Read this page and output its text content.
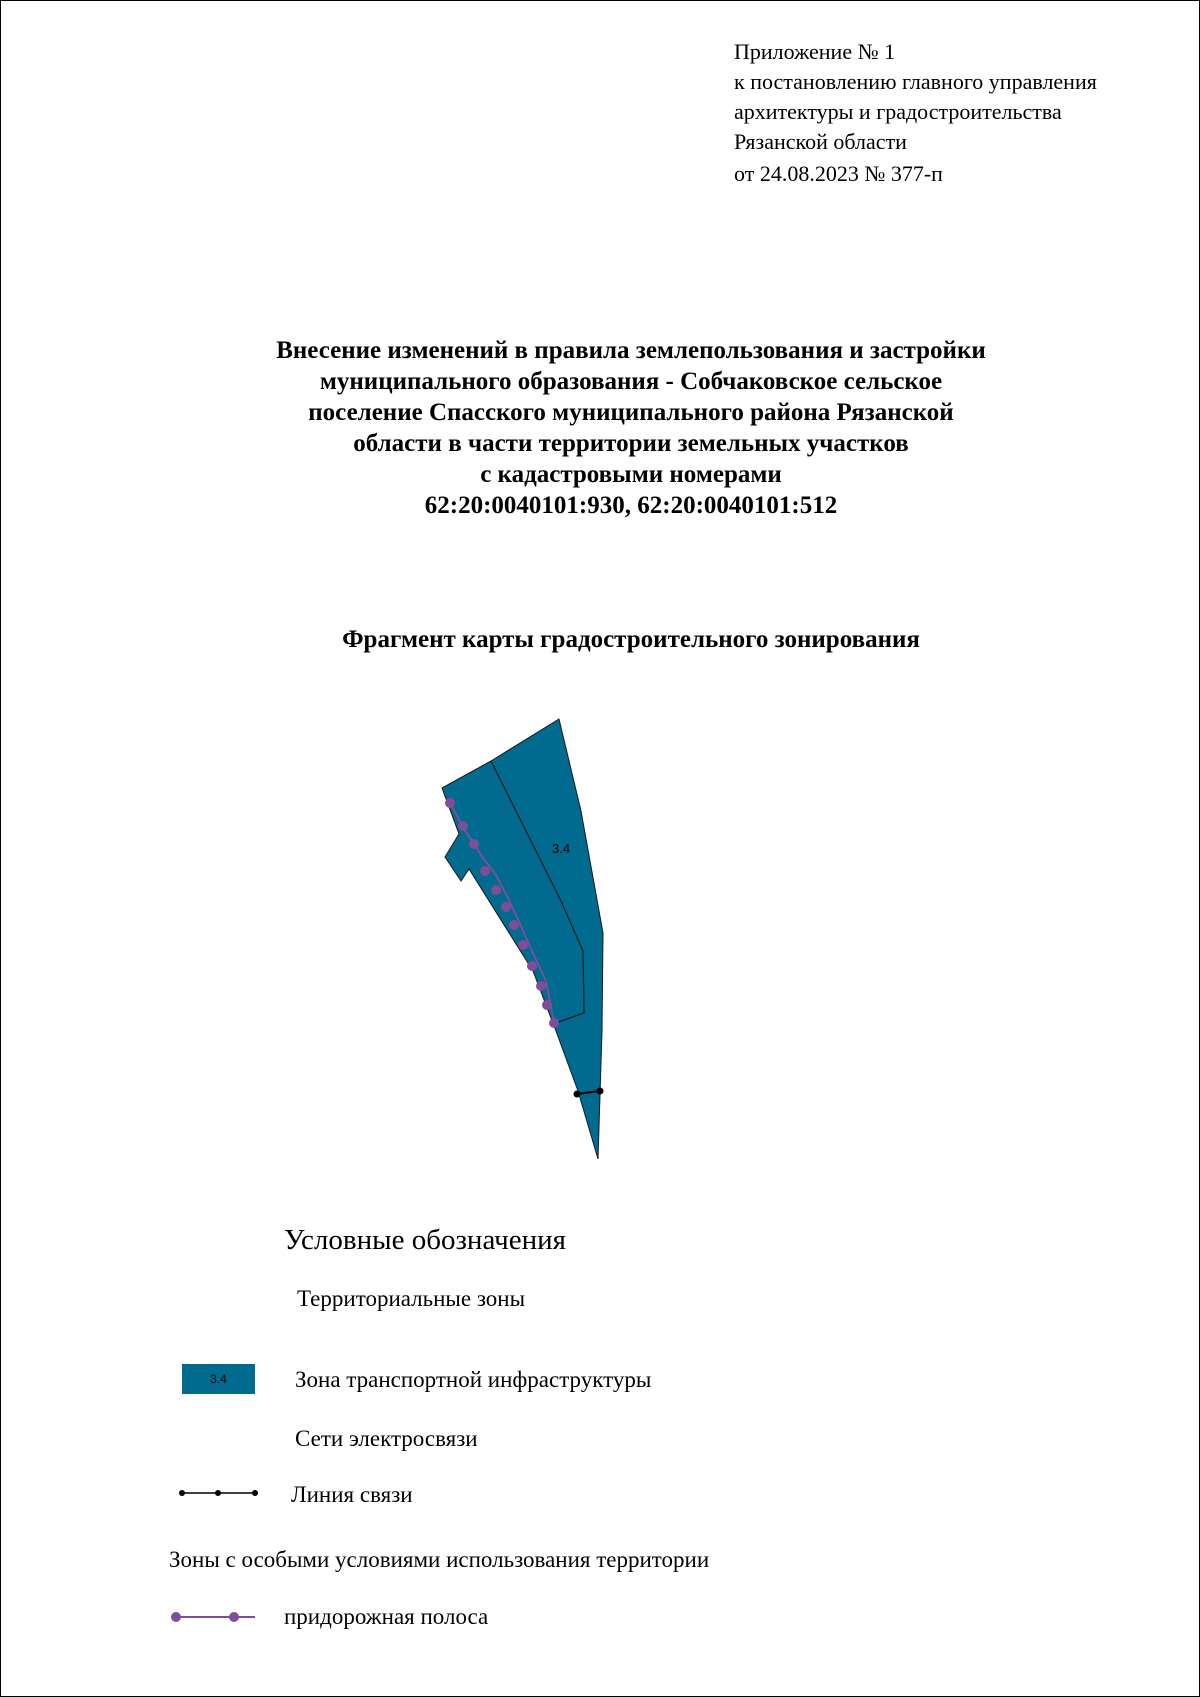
Приложение № 1
к постановлению главного управления
архитектуры и градостроительства
Рязанской области
от 24.08.2023 № 377-п
Внесение изменений в правила землепользования и застройки
муниципального образования - Собчаковское сельское
поселение Спасского муниципального района Рязанской
области в части территории земельных участков
с кадастровыми номерами
62:20:0040101:930, 62:20:0040101:512
Фрагмент карты градостроительного зонирования
3.4
Условные обозначения
Территориальные зоны
3.4	Зона транспортной инфраструктуры
Сети электросвязи
Линия связи
Зоны с особыми условиями использования территории
придорожная полоса
